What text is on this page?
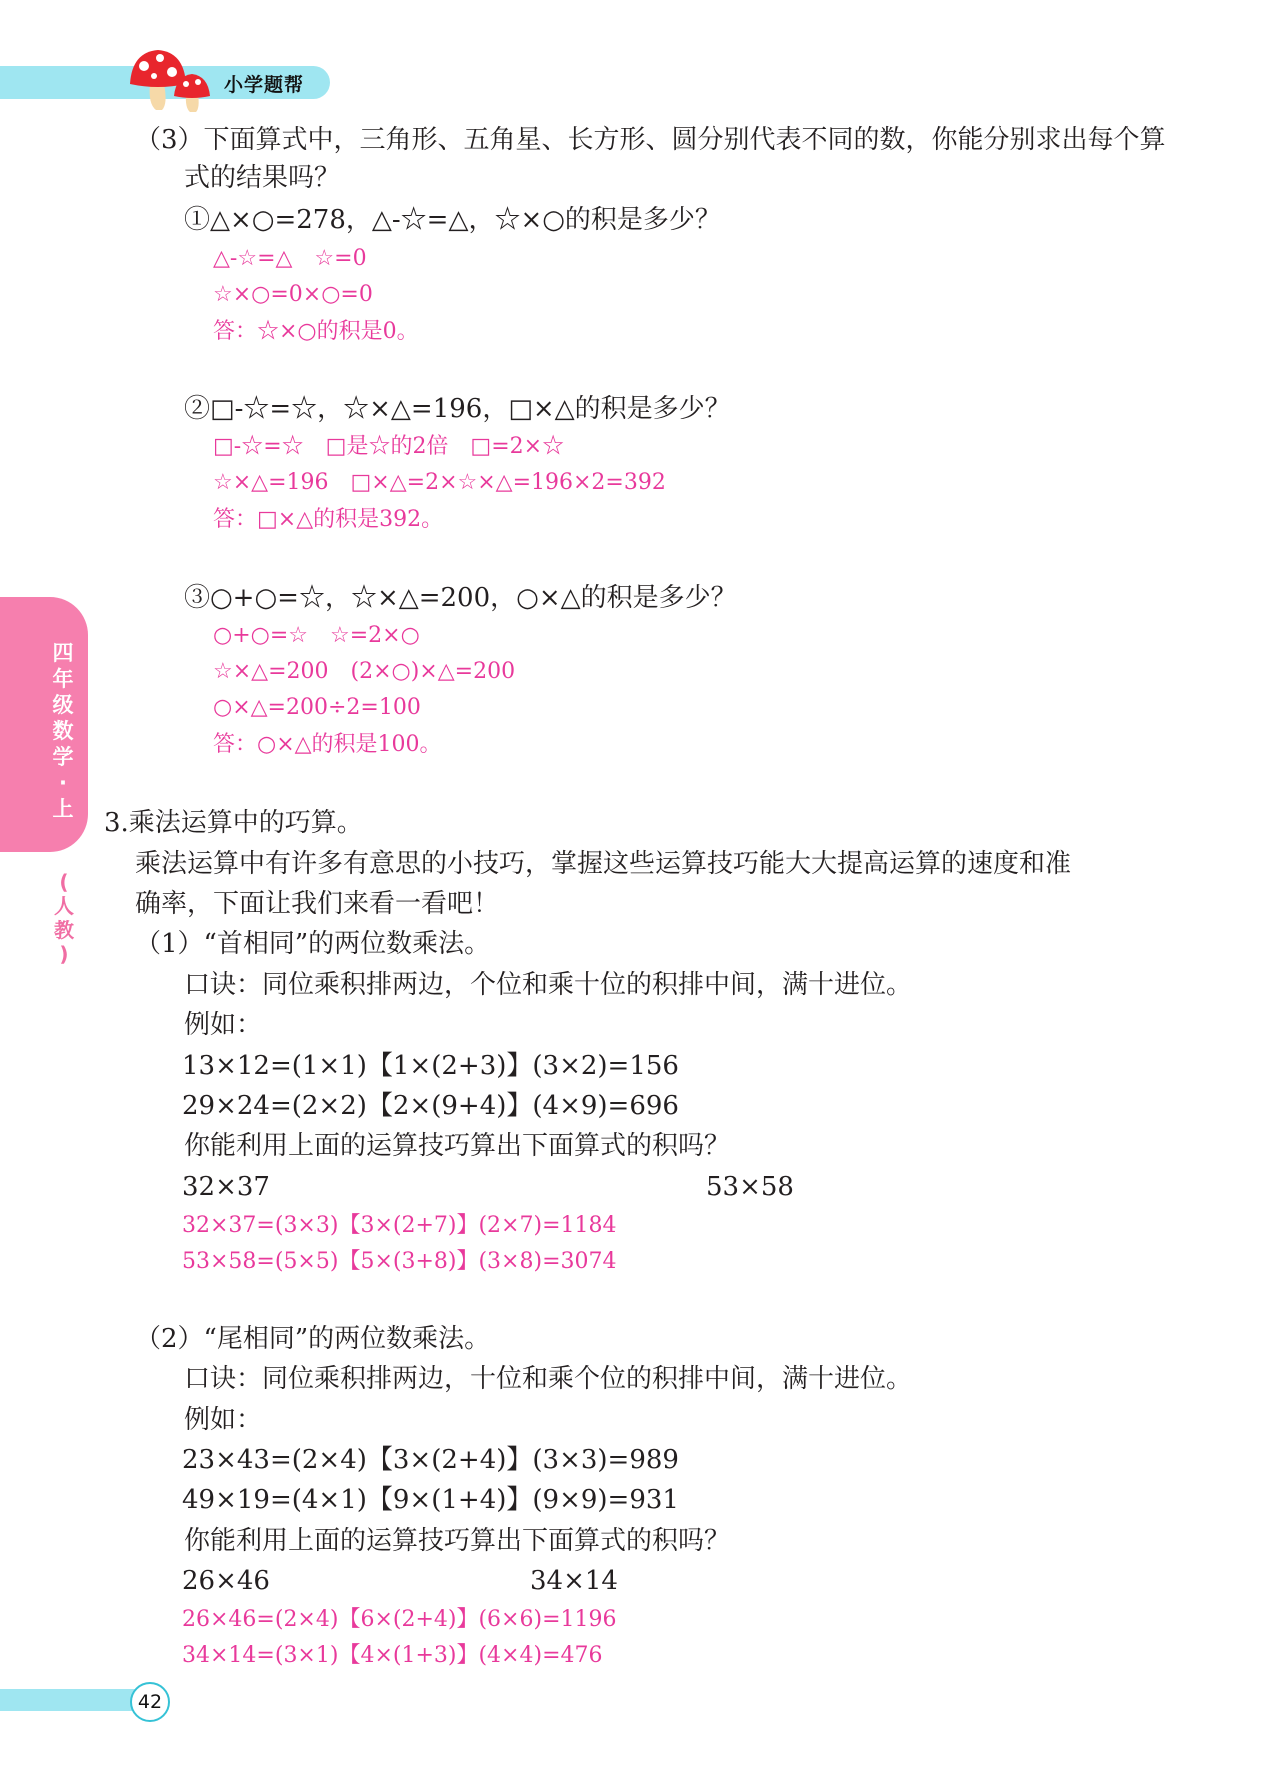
小学题帮
四
年
级
数
学
·
上
(
人
教
)
（3）下面算式中，三角形、五角星、长方形、圆分别代表不同的数，你能分别求出每个算
式的结果吗？
①△×○=278，△-☆=△，☆×○的积是多少？
△-☆=△　☆=0
☆×○=0×○=0
答：☆×○的积是0。
②□-☆=☆，☆×△=196，□×△的积是多少？
□-☆=☆　□是☆的2倍　□=2×☆
☆×△=196　□×△=2×☆×△=196×2=392
答：□×△的积是392。
③○+○=☆，☆×△=200，○×△的积是多少？
○+○=☆　☆=2×○
☆×△=200　(2×○)×△=200
○×△=200÷2=100
答：○×△的积是100。
3.乘法运算中的巧算。
乘法运算中有许多有意思的小技巧，掌握这些运算技巧能大大提高运算的速度和准
确率，下面让我们来看一看吧！
（1）“首相同”的两位数乘法。
口诀：同位乘积排两边，个位和乘十位的积排中间，满十进位。
例如：
13×12=(1×1)【1×(2+3)】(3×2)=156
29×24=(2×2)【2×(9+4)】(4×9)=696
你能利用上面的运算技巧算出下面算式的积吗？
32×37	53×58
32×37=(3×3)【3×(2+7)】(2×7)=1184
53×58=(5×5)【5×(3+8)】(3×8)=3074
（2）“尾相同”的两位数乘法。
口诀：同位乘积排两边，十位和乘个位的积排中间，满十进位。
例如：
23×43=(2×4)【3×(2+4)】(3×3)=989
49×19=(4×1)【9×(1+4)】(9×9)=931
你能利用上面的运算技巧算出下面算式的积吗？
26×46	34×14
26×46=(2×4)【6×(2+4)】(6×6)=1196
34×14=(3×1)【4×(1+3)】(4×4)=476
42
